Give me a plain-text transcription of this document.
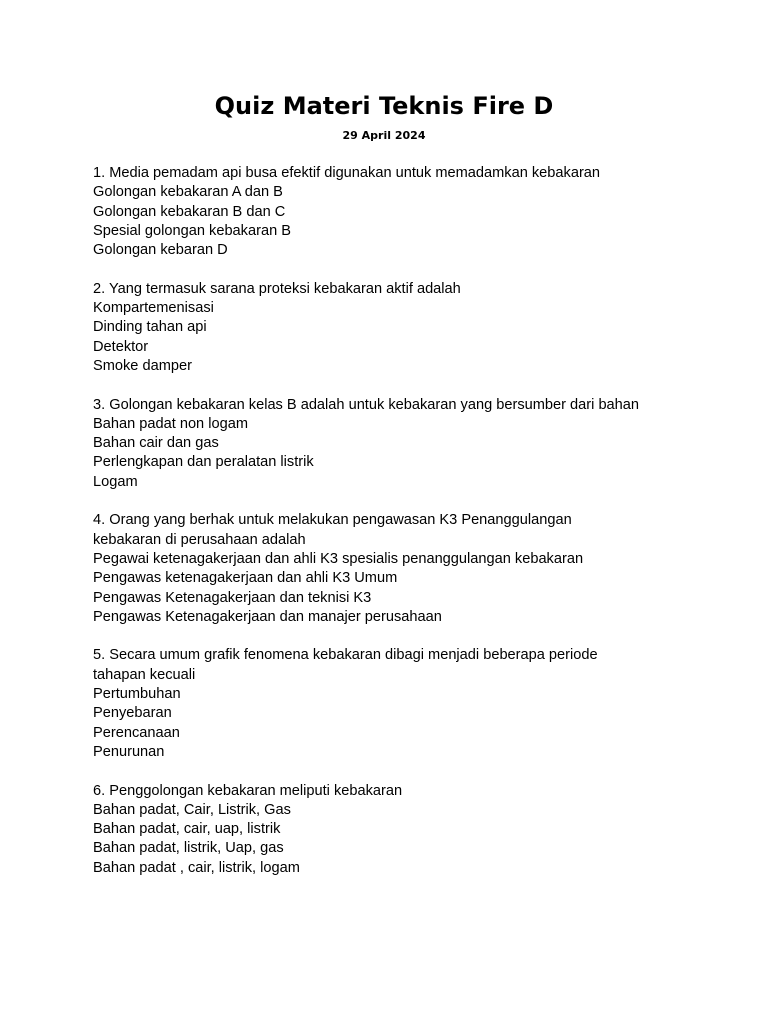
Quiz Materi Teknis Fire D
29 April 2024
1. Media pemadam api busa efektif digunakan untuk memadamkan kebakaran
Golongan kebakaran A dan B
Golongan kebakaran B dan C
Spesial golongan kebakaran B
Golongan kebaran D
2. Yang termasuk sarana proteksi kebakaran aktif adalah
Kompartemenisasi
Dinding tahan api
Detektor
Smoke damper
3. Golongan kebakaran kelas B adalah untuk kebakaran yang bersumber dari bahan
Bahan padat non logam
Bahan cair dan gas
Perlengkapan dan peralatan listrik
Logam
4. Orang yang berhak untuk melakukan pengawasan K3 Penanggulangan
kebakaran di perusahaan adalah
Pegawai ketenagakerjaan dan ahli K3 spesialis penanggulangan kebakaran
Pengawas ketenagakerjaan dan ahli K3 Umum
Pengawas Ketenagakerjaan dan teknisi K3
Pengawas Ketenagakerjaan dan manajer perusahaan
5. Secara umum grafik fenomena kebakaran dibagi menjadi beberapa periode
tahapan kecuali
Pertumbuhan
Penyebaran
Perencanaan
Penurunan
6. Penggolongan kebakaran meliputi kebakaran
Bahan padat, Cair, Listrik, Gas
Bahan padat, cair, uap, listrik
Bahan padat, listrik, Uap, gas
Bahan padat , cair, listrik, logam
